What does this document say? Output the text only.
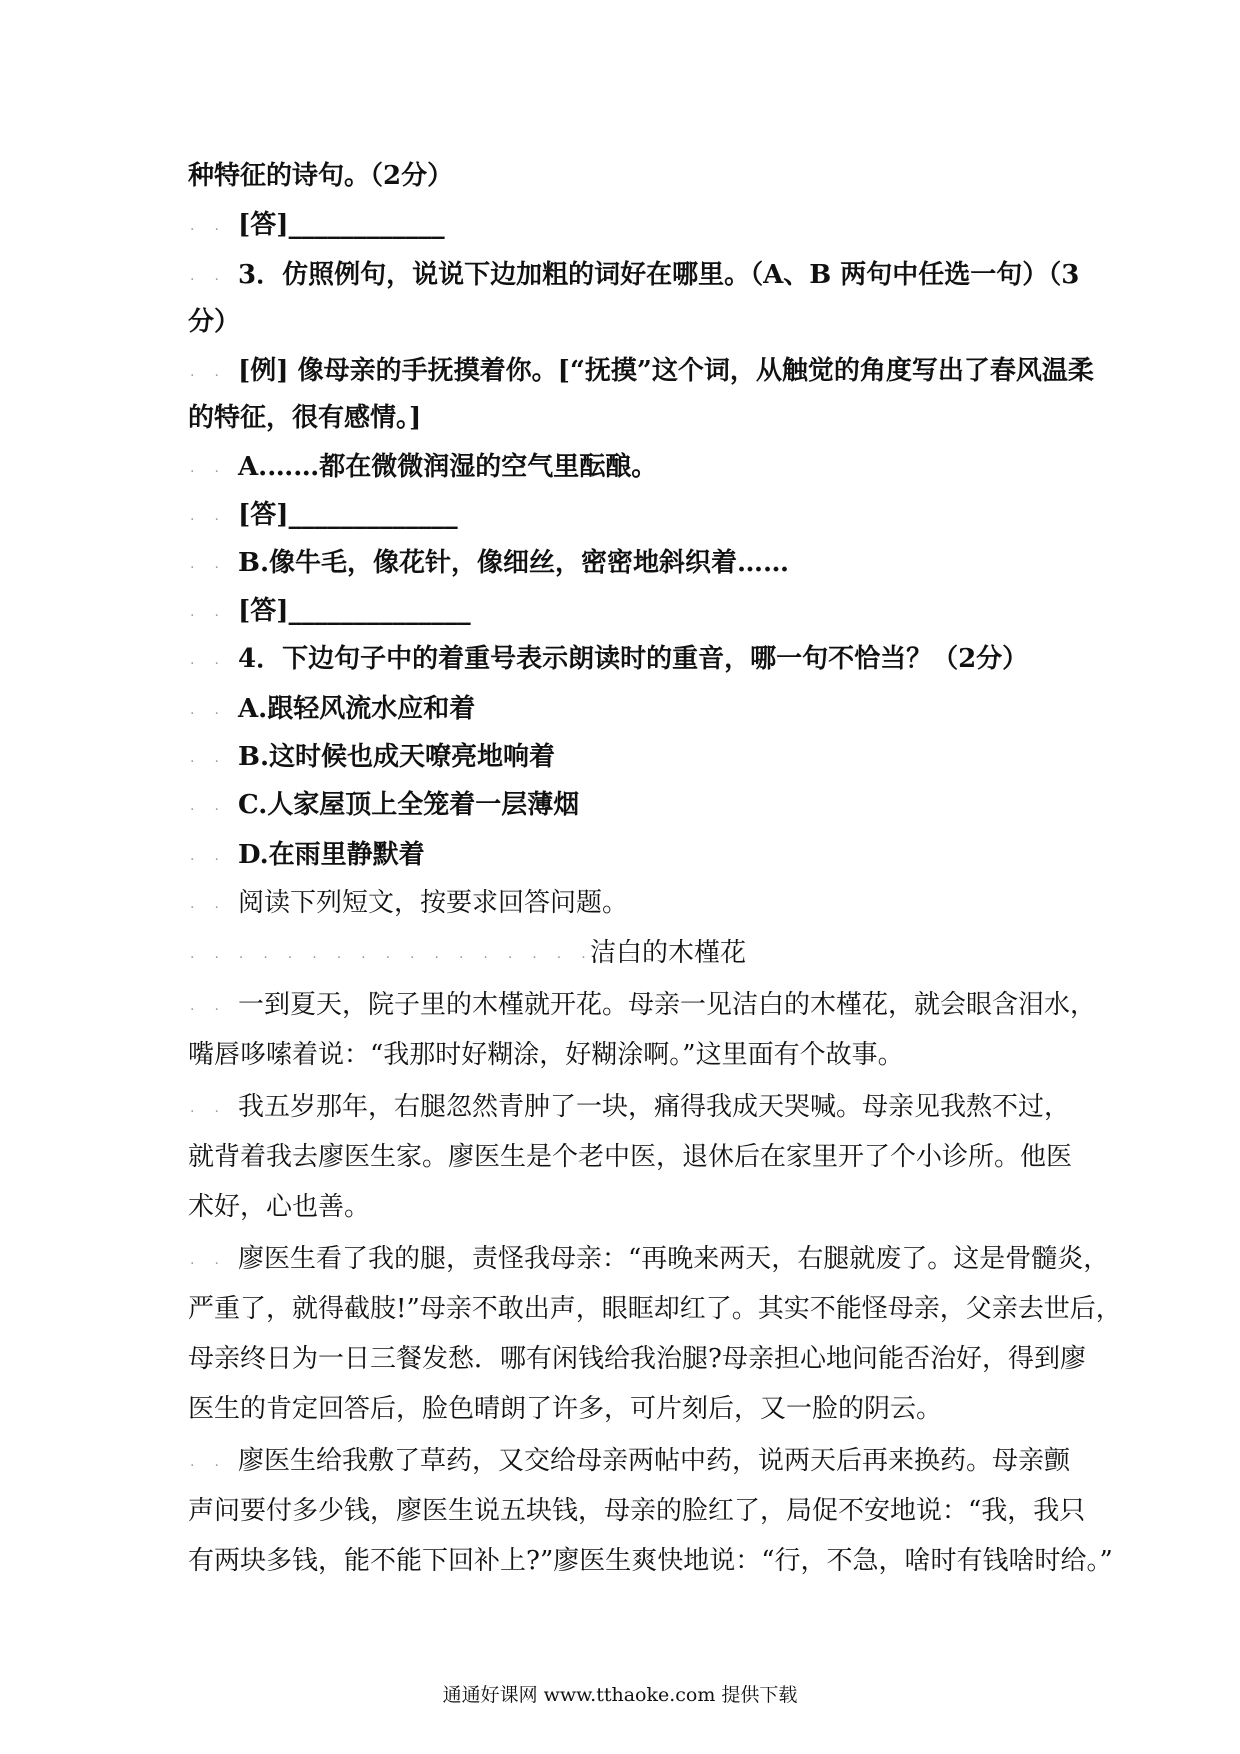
种特征的诗句。（2分）
.. [答]____________
.. 3．仿照例句，说说下边加粗的词好在哪里。（A、B 两句中任选一句）（3
分）
.. [例] 像母亲的手抚摸着你。[“抚摸”这个词，从触觉的角度写出了春风温柔
的特征，很有感情。]
.. A.……都在微微润湿的空气里酝酿。
.. [答]_____________
.. B.像牛毛，像花针，像细丝，密密地斜织着……
.. [答]______________
.. 4．下边句子中的着重号表示朗读时的重音，哪一句不恰当？（2分）
.. A.跟轻风流水应和着
.. B.这时候也成天嘹亮地响着
.. C.人家屋顶上全笼着一层薄烟
.. D.在雨里静默着
.. 阅读下列短文，按要求回答问题。
...................
洁白的木槿花
.. 一到夏天，院子里的木槿就开花。母亲一见洁白的木槿花，就会眼含泪水，
嘴唇哆嗦着说：“我那时好糊涂，好糊涂啊。”这里面有个故事。
.. 我五岁那年，右腿忽然青肿了一块，痛得我成天哭喊。母亲见我熬不过，
就背着我去廖医生家。廖医生是个老中医，退休后在家里开了个小诊所。他医
术好，心也善。
.. 廖医生看了我的腿，责怪我母亲：“再晚来两天，右腿就废了。这是骨髓炎，
严重了，就得截肢!”母亲不敢出声，眼眶却红了。其实不能怪母亲，父亲去世后，
母亲终日为一日三餐发愁．哪有闲钱给我治腿?母亲担心地问能否治好，得到廖
医生的肯定回答后，脸色晴朗了许多，可片刻后，又一脸的阴云。
.. 廖医生给我敷了草药，又交给母亲两帖中药，说两天后再来换药。母亲颤
声问要付多少钱，廖医生说五块钱，母亲的脸红了，局促不安地说：“我，我只
有两块多钱，能不能下回补上?”廖医生爽快地说：“行，不急，啥时有钱啥时给。”
通通好课网 www.tthaoke.com 提供下载
